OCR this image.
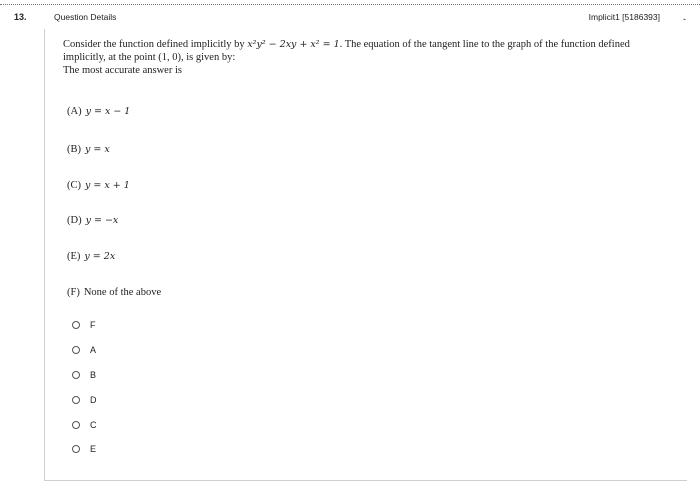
13.	Question Details	Implicit1 [5186393]	-
Consider the function defined implicitly by x²y² − 2xy + x² = 1. The equation of the tangent line to the graph of the function defined implicitly, at the point (1, 0), is given by:
The most accurate answer is
(A) y = x − 1
(B) y = x
(C) y = x + 1
(D) y = −x
(E) y = 2x
(F) None of the above
F
A
B
D
C
E
